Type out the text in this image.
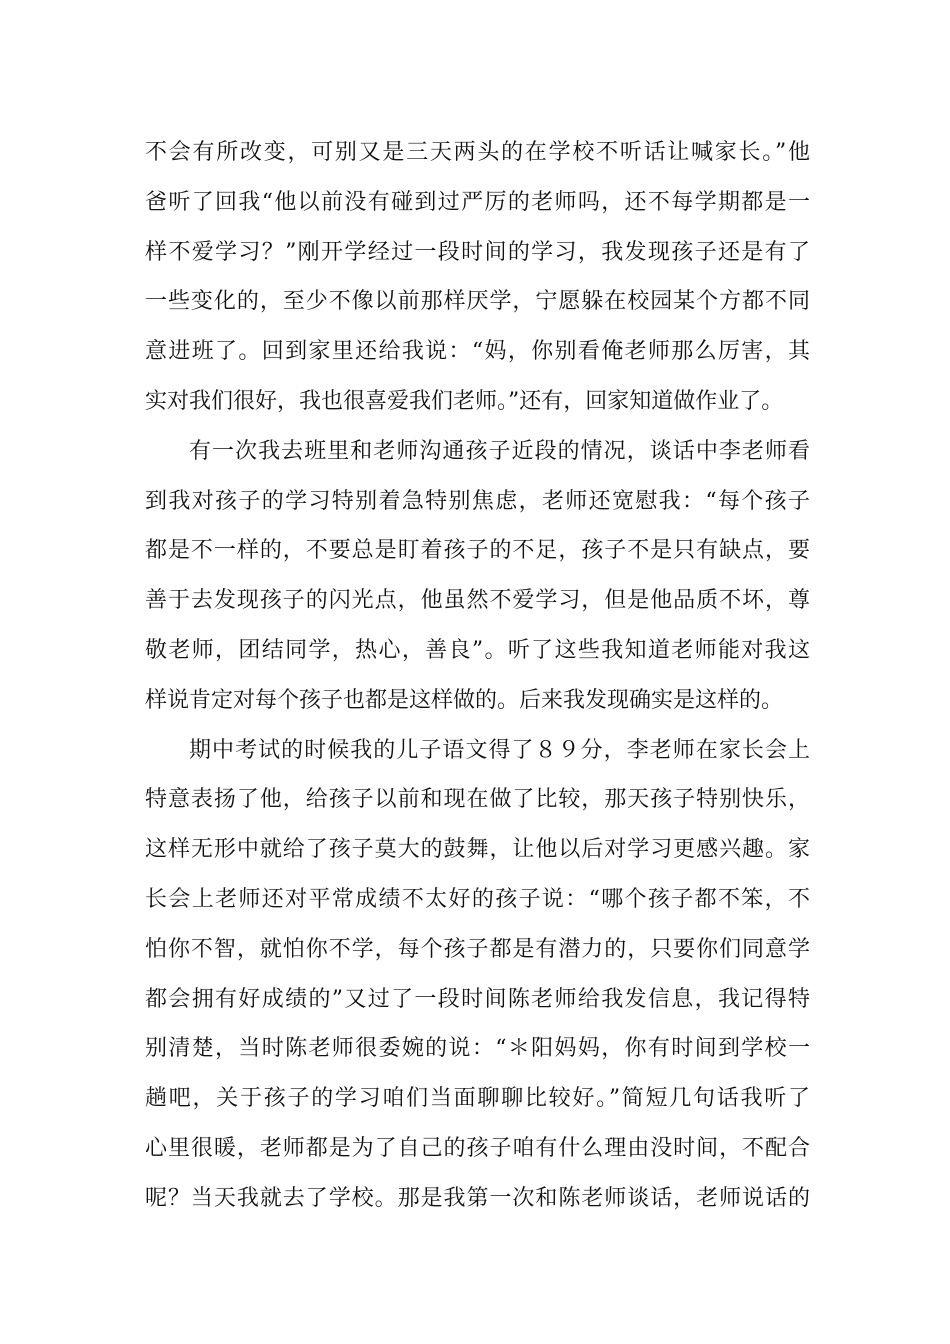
不会有所改变，可别又是三天两头的在学校不听话让喊家长。”他
爸听了回我“他以前没有碰到过严厉的老师吗，还不每学期都是一
样不爱学习？”刚开学经过一段时间的学习，我发现孩子还是有了
一些变化的，至少不像以前那样厌学，宁愿躲在校园某个方都不同
意进班了。回到家里还给我说：“妈，你别看俺老师那么厉害，其
实对我们很好，我也很喜爱我们老师。”还有，回家知道做作业了。
有一次我去班里和老师沟通孩子近段的情况，谈话中李老师看
到我对孩子的学习特别着急特别焦虑，老师还宽慰我：“每个孩子
都是不一样的，不要总是盯着孩子的不足，孩子不是只有缺点，要
善于去发现孩子的闪光点，他虽然不爱学习，但是他品质不坏，尊
敬老师，团结同学，热心，善良”。听了这些我知道老师能对我这
样说肯定对每个孩子也都是这样做的。后来我发现确实是这样的。
期中考试的时候我的儿子语文得了８９分，李老师在家长会上
特意表扬了他，给孩子以前和现在做了比较，那天孩子特别快乐，
这样无形中就给了孩子莫大的鼓舞，让他以后对学习更感兴趣。家
长会上老师还对平常成绩不太好的孩子说：“哪个孩子都不笨，不
怕你不智，就怕你不学，每个孩子都是有潜力的，只要你们同意学
都会拥有好成绩的”又过了一段时间陈老师给我发信息，我记得特
别清楚，当时陈老师很委婉的说：“＊阳妈妈，你有时间到学校一
趟吧，关于孩子的学习咱们当面聊聊比较好。”简短几句话我听了
心里很暖，老师都是为了自己的孩子咱有什么理由没时间，不配合
呢？当天我就去了学校。那是我第一次和陈老师谈话，老师说话的
